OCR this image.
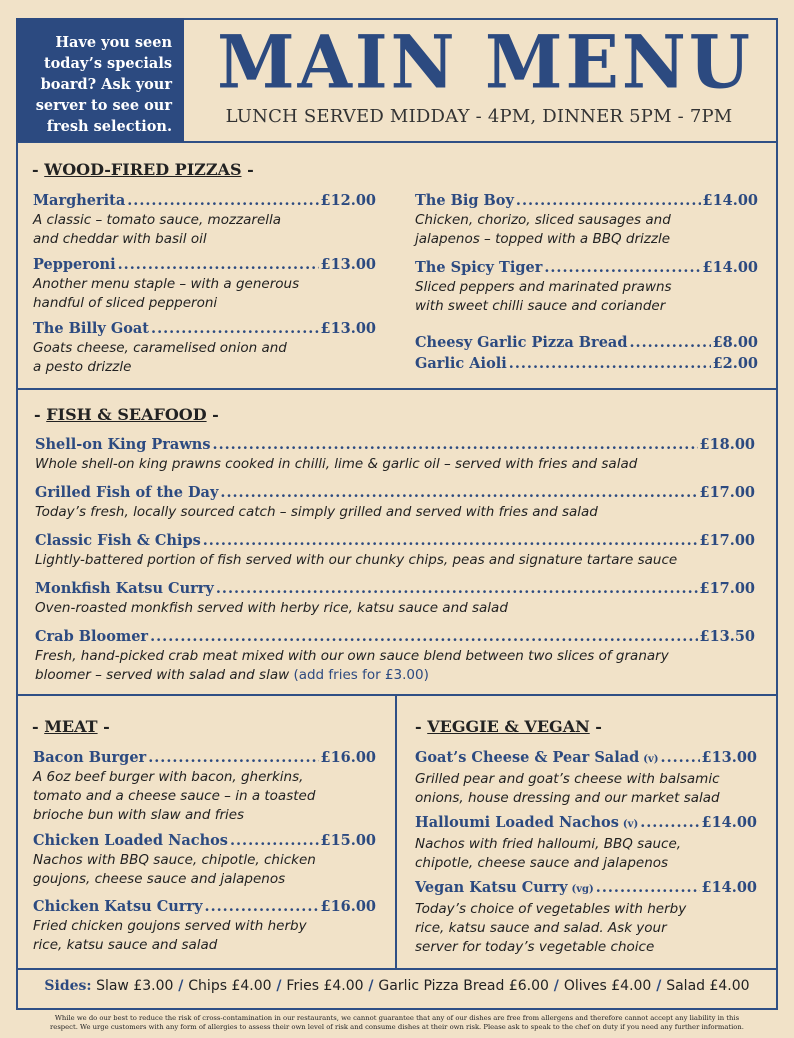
Have you seen
today’s specials
board? Ask your
server to see our
fresh selection.
MAIN MENU
LUNCH SERVED MIDDAY - 4PM, DINNER 5PM - 7PM
- WOOD-FIRED PIZZAS -
Margherita .....	£12.00
A classic – tomato sauce, mozzarella
and cheddar with basil oil
Pepperoni .....	£13.00
Another menu staple – with a generous
handful of sliced pepperoni
The Billy Goat .....	£13.00
Goats cheese, caramelised onion and
a pesto drizzle
The Big Boy .....	£14.00
Chicken, chorizo, sliced sausages and
jalapenos – topped with a BBQ drizzle
The Spicy Tiger .....	£14.00
Sliced peppers and marinated prawns
with sweet chilli sauce and coriander
Cheesy Garlic Pizza Bread .....	£8.00
Garlic Aioli .....	£2.00
- FISH & SEAFOOD -
Shell-on King Prawns .....	£18.00
Whole shell-on king prawns cooked in chilli, lime & garlic oil – served with fries and salad
Grilled Fish of the Day .....	£17.00
Today’s fresh, locally sourced catch – simply grilled and served with fries and salad
Classic Fish & Chips .....	£17.00
Lightly-battered portion of fish served with our chunky chips, peas and signature tartare sauce
Monkfish Katsu Curry .....	£17.00
Oven-roasted monkfish served with herby rice, katsu sauce and salad
Crab Bloomer .....	£13.50
Fresh, hand-picked crab meat mixed with our own sauce blend between two slices of granary
bloomer – served with salad and slaw (add fries for £3.00)
- MEAT -
Bacon Burger .....	£16.00
A 6oz beef burger with bacon, gherkins,
tomato and a cheese sauce – in a toasted
brioche bun with slaw and fries
Chicken Loaded Nachos .....	£15.00
Nachos with BBQ sauce, chipotle, chicken
goujons, cheese sauce and jalapenos
Chicken Katsu Curry .....	£16.00
Fried chicken goujons served with herby
rice, katsu sauce and salad
- VEGGIE & VEGAN -
Goat’s Cheese & Pear Salad (v) .....	£13.00
Grilled pear and goat’s cheese with balsamic
onions, house dressing and our market salad
Halloumi Loaded Nachos (v) .....	£14.00
Nachos with fried halloumi, BBQ sauce,
chipotle, cheese sauce and jalapenos
Vegan Katsu Curry (vg) .....	£14.00
Today’s choice of vegetables with herby
rice, katsu sauce and salad. Ask your
server for today’s vegetable choice
Sides: Slaw £3.00 / Chips £4.00 / Fries £4.00 / Garlic Pizza Bread £6.00 / Olives £4.00 / Salad £4.00
While we do our best to reduce the risk of cross-contamination in our restaurants, we cannot guarantee that any of our dishes are free from allergens and therefore cannot accept any liability in this
respect. We urge customers with any form of allergies to assess their own level of risk and consume dishes at their own risk. Please ask to speak to the chef on duty if you need any further information.
